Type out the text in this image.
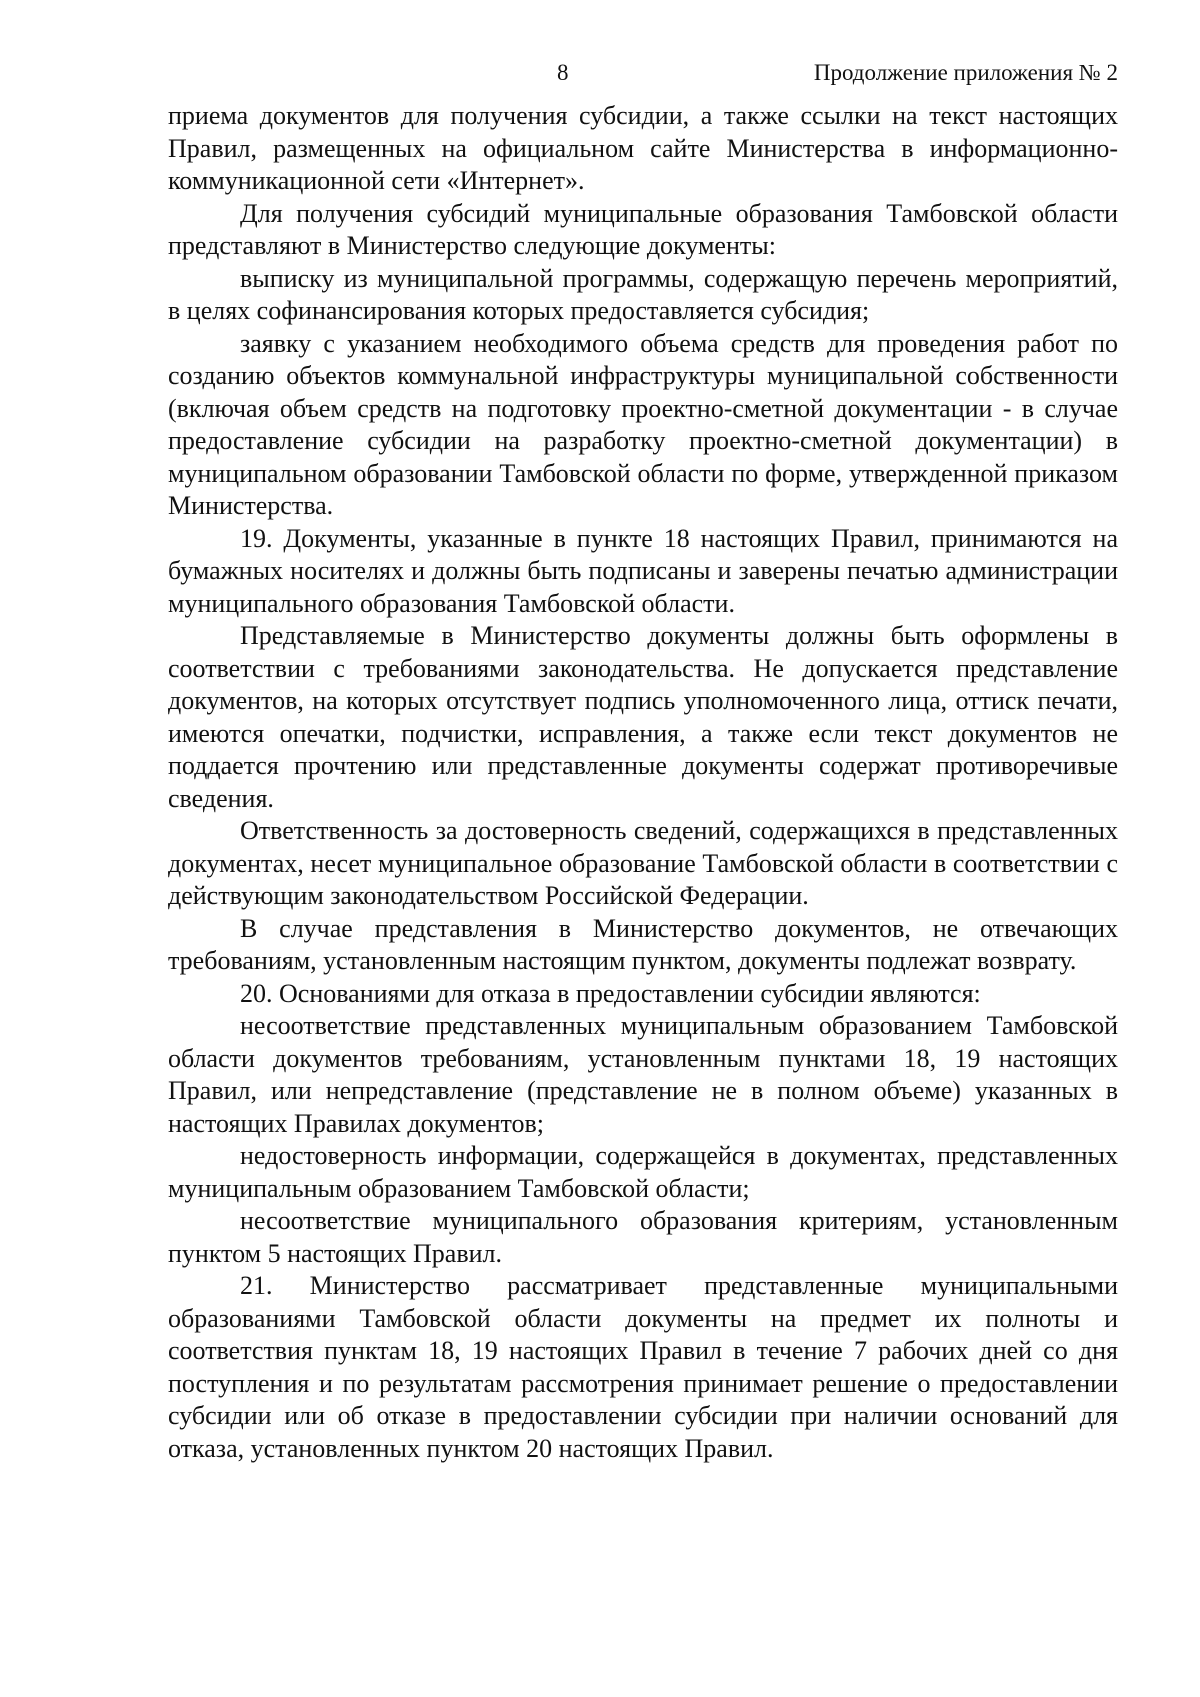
8	Продолжение приложения № 2

приема документов для получения субсидии, а также ссылки на текст настоящих Правил, размещенных на официальном сайте Министерства в информационно-коммуникационной сети «Интернет».

Для получения субсидий муниципальные образования Тамбовской области представляют в Министерство следующие документы:

выписку из муниципальной программы, содержащую перечень мероприятий, в целях софинансирования которых предоставляется субсидия;

заявку с указанием необходимого объема средств для проведения работ по созданию объектов коммунальной инфраструктуры муниципальной собственности (включая объем средств на подготовку проектно-сметной документации - в случае предоставление субсидии на разработку проектно-сметной документации) в муниципальном образовании Тамбовской области по форме, утвержденной приказом Министерства.

19. Документы, указанные в пункте 18 настоящих Правил, принимаются на бумажных носителях и должны быть подписаны и заверены печатью администрации муниципального образования Тамбовской области.

Представляемые в Министерство документы должны быть оформлены в соответствии с требованиями законодательства. Не допускается представление документов, на которых отсутствует подпись уполномоченного лица, оттиск печати, имеются опечатки, подчистки, исправления, а также если текст документов не поддается прочтению или представленные документы содержат противоречивые сведения.

Ответственность за достоверность сведений, содержащихся в представленных документах, несет муниципальное образование Тамбовской области в соответствии с действующим законодательством Российской Федерации.

В случае представления в Министерство документов, не отвечающих требованиям, установленным настоящим пунктом, документы подлежат возврату.

20. Основаниями для отказа в предоставлении субсидии являются:

несоответствие представленных муниципальным образованием Тамбовской области документов требованиям, установленным пунктами 18, 19 настоящих Правил, или непредставление (представление не в полном объеме) указанных в настоящих Правилах документов;

недостоверность информации, содержащейся в документах, представленных муниципальным образованием Тамбовской области;

несоответствие муниципального образования критериям, установленным пунктом 5 настоящих Правил.

21. Министерство рассматривает представленные муниципальными образованиями Тамбовской области документы на предмет их полноты и соответствия пунктам 18, 19 настоящих Правил в течение 7 рабочих дней со дня поступления и по результатам рассмотрения принимает решение о предоставлении субсидии или об отказе в предоставлении субсидии при наличии оснований для отказа, установленных пунктом 20 настоящих Правил.
